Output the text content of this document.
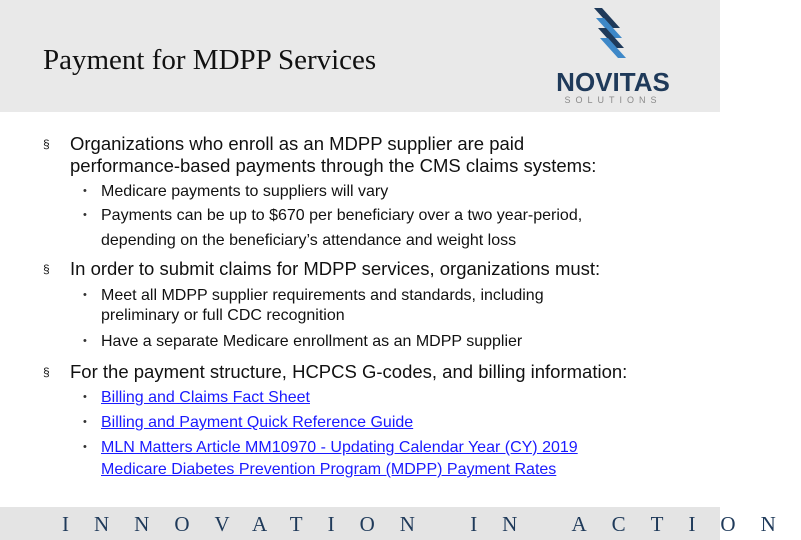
Payment for MDPP Services
NOVITAS
SOLUTIONS
§ Organizations who enroll as an MDPP supplier are paid
performance-based payments through the CMS claims systems:
• Medicare payments to suppliers will vary
• Payments can be up to $670 per beneficiary over a two year-period,
depending on the beneficiary’s attendance and weight loss
§ In order to submit claims for MDPP services, organizations must:
• Meet all MDPP supplier requirements and standards, including
preliminary or full CDC recognition
• Have a separate Medicare enrollment as an MDPP supplier
§ For the payment structure, HCPCS G-codes, and billing information:
• Billing and Claims Fact Sheet
• Billing and Payment Quick Reference Guide
• MLN Matters Article MM10970 - Updating Calendar Year (CY) 2019
Medicare Diabetes Prevention Program (MDPP) Payment Rates
INNOVATION IN ACTION
